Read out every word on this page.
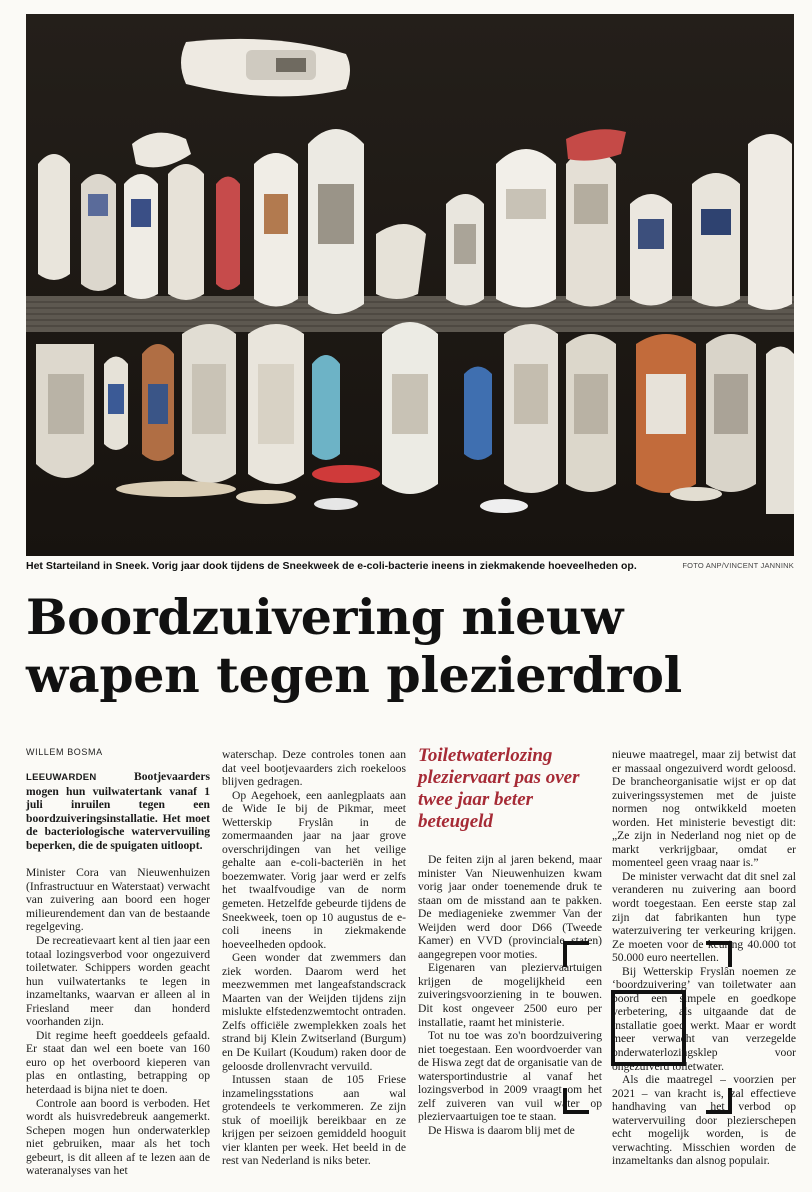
Het Starteiland in Sneek. Vorig jaar dook tijdens de Sneekweek de e-coli-bacterie ineens in ziekmakende hoeveelheden op.	FOTO ANP/VINCENT JANNINK
Boordzuivering nieuw
wapen tegen plezierdrol
WILLEM BOSMA

LEEUWARDEN Bootjevaarders mogen hun vuilwatertank vanaf 1 juli inruilen tegen een boordzuiveringsinstallatie. Het moet de bacteriologische watervervuiling beperken, die de spuigaten uitloopt.

Minister Cora van Nieuwenhuizen (Infrastructuur en Waterstaat) verwacht van zuivering aan boord een hoger milieurendement dan van de bestaande regelgeving.

De recreatievaart kent al tien jaar een totaal lozingsverbod voor ongezuiverd toiletwater. Schippers worden geacht hun vuilwatertanks te legen in inzameltanks, waarvan er alleen al in Friesland meer dan honderd voorhanden zijn.

Dit regime heeft goeddeels gefaald. Er staat dan wel een boete van 160 euro op het overboord kieperen van plas en ontlasting, betrapping op heterdaad is bijna niet te doen.

Controle aan boord is verboden. Het wordt als huisvredebreuk aangemerkt. Schepen mogen hun onderwaterklep niet gebruiken, maar als het toch gebeurt, is dit alleen af te lezen aan de wateranalyses van het

waterschap. Deze controles tonen aan dat veel bootjevaarders zich roekeloos blijven gedragen.

Op Aegehoek, een aanlegplaats aan de Wide Ie bij de Pikmar, meet Wetterskip Fryslân in de zomermaanden jaar na jaar grove overschrijdingen van het veilige gehalte aan e-coli-bacteriën in het boezemwater. Vorig jaar werd er zelfs het twaalfvoudige van de norm gemeten. Hetzelfde gebeurde tijdens de Sneekweek, toen op 10 augustus de e-coli ineens in ziekmakende hoeveelheden opdook.

Geen wonder dat zwemmers dan ziek worden. Daarom werd het meezwemmen met langeafstandscrack Maarten van der Weijden tijdens zijn mislukte elfstedenzwemtocht ontraden. Zelfs officiële zwemplekken zoals het strand bij Klein Zwitserland (Burgum) en De Kuilart (Koudum) raken door de geloosde drollenvracht vervuild.

Intussen staan de 105 Friese inzamelingsstations aan wal grotendeels te verkommeren. Ze zijn stuk of moeilijk bereikbaar en ze krijgen per seizoen gemiddeld hooguit vier klanten per week. Het beeld in de rest van Nederland is niks beter.

Toiletwaterlozing pleziervaart pas over twee jaar beter beteugeld

De feiten zijn al jaren bekend, maar minister Van Nieuwenhuizen kwam vorig jaar onder toenemende druk te staan om de misstand aan te pakken. De mediagenieke zwemmer Van der Weijden werd door D66 (Tweede Kamer) en VVD (provinciale staten) aangegrepen voor moties.

Eigenaren van pleziervaartuigen krijgen de mogelijkheid een zuiveringsvoorziening in te bouwen. Dit kost ongeveer 2500 euro per installatie, raamt het ministerie.

Tot nu toe was zo'n boordzuivering niet toegestaan. Een woordvoerder van de Hiswa zegt dat de organisatie van de watersportindustrie al vanaf het lozingsverbod in 2009 vraagt om het zelf zuiveren van vuil water op pleziervaartuigen toe te staan.

De Hiswa is daarom blij met de

nieuwe maatregel, maar zij betwist dat er massaal ongezuiverd wordt geloosd. De brancheorganisatie wijst er op dat zuiveringssystemen met de juiste normen nog ontwikkeld moeten worden. Het ministerie bevestigt dit: „Ze zijn in Nederland nog niet op de markt verkrijgbaar, omdat er momenteel geen vraag naar is.”

De minister verwacht dat dit snel zal veranderen nu zuivering aan boord wordt toegestaan. Een eerste stap zal zijn dat fabrikanten hun type waterzuivering ter verkeuring krijgen. Ze moeten voor de keuring 40.000 tot 50.000 euro neertellen.

Bij Wetterskip Fryslân noemen ze ‘boordzuivering’ van toiletwater aan boord een simpele en goedkope verbetering, als uitgaande dat de installatie goed werkt. Maar er wordt meer verwacht van verzegelde onderwaterlozingsklep voor ongezuiverd toiletwater.

Als die maatregel – voorzien per 2021 – van kracht is, zal effectieve handhaving van het verbod op watervervuiling door plezierschepen echt mogelijk worden, is de verwachting. Misschien worden de inzameltanks dan alsnog populair.
